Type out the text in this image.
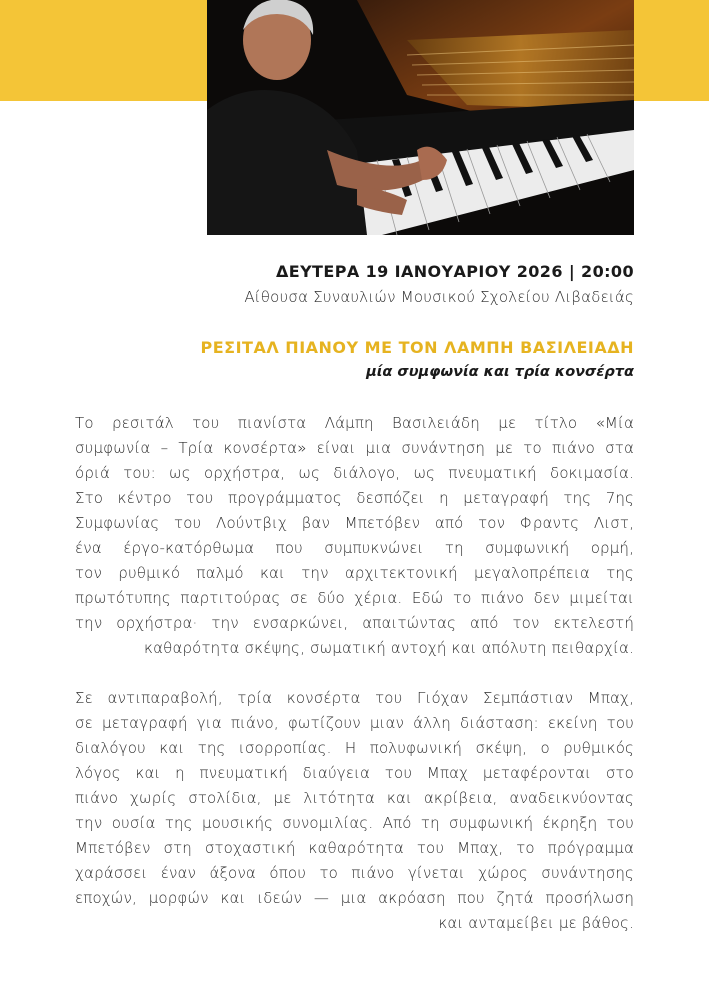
ΔΕΥΤΕΡΑ 19 ΙΑΝΟΥΑΡΙΟΥ 2026 | 20:00
Αίθουσα Συναυλιών Μουσικού Σχολείου Λιβαδειάς
ΡΕΣΙΤΑΛ ΠΙΑΝΟΥ ΜΕ ΤΟΝ ΛΑΜΠΗ ΒΑΣΙΛΕΙΑΔΗ
μία συμφωνία και τρία κονσέρτα
Το ρεσιτάλ του πιανίστα Λάμπη Βασιλειάδη με τίτλο «Μία
συμφωνία – Τρία κονσέρτα» είναι μια συνάντηση με το πιάνο στα
όριά του: ως ορχήστρα, ως διάλογο, ως πνευματική δοκιμασία.
Στο κέντρο του προγράμματος δεσπόζει η μεταγραφή της 7ης
Συμφωνίας του Λούντβιχ βαν Μπετόβεν από τον Φραντς Λιστ,
ένα έργο-κατόρθωμα που συμπυκνώνει τη συμφωνική ορμή,
τον ρυθμικό παλμό και την αρχιτεκτονική μεγαλοπρέπεια της
πρωτότυπης παρτιτούρας σε δύο χέρια. Εδώ το πιάνο δεν μιμείται
την ορχήστρα· την ενσαρκώνει, απαιτώντας από τον εκτελεστή
καθαρότητα σκέψης, σωματική αντοχή και απόλυτη πειθαρχία.
Σε αντιπαραβολή, τρία κονσέρτα του Γιόχαν Σεμπάστιαν Μπαχ,
σε μεταγραφή για πιάνο, φωτίζουν μιαν άλλη διάσταση: εκείνη του
διαλόγου και της ισορροπίας. Η πολυφωνική σκέψη, ο ρυθμικός
λόγος και η πνευματική διαύγεια του Μπαχ μεταφέρονται στο
πιάνο χωρίς στολίδια, με λιτότητα και ακρίβεια, αναδεικνύοντας
την ουσία της μουσικής συνομιλίας. Από τη συμφωνική έκρηξη του
Μπετόβεν στη στοχαστική καθαρότητα του Μπαχ, το πρόγραμμα
χαράσσει έναν άξονα όπου το πιάνο γίνεται χώρος συνάντησης
εποχών, μορφών και ιδεών — μια ακρόαση που ζητά προσήλωση
και ανταμείβει με βάθος.
